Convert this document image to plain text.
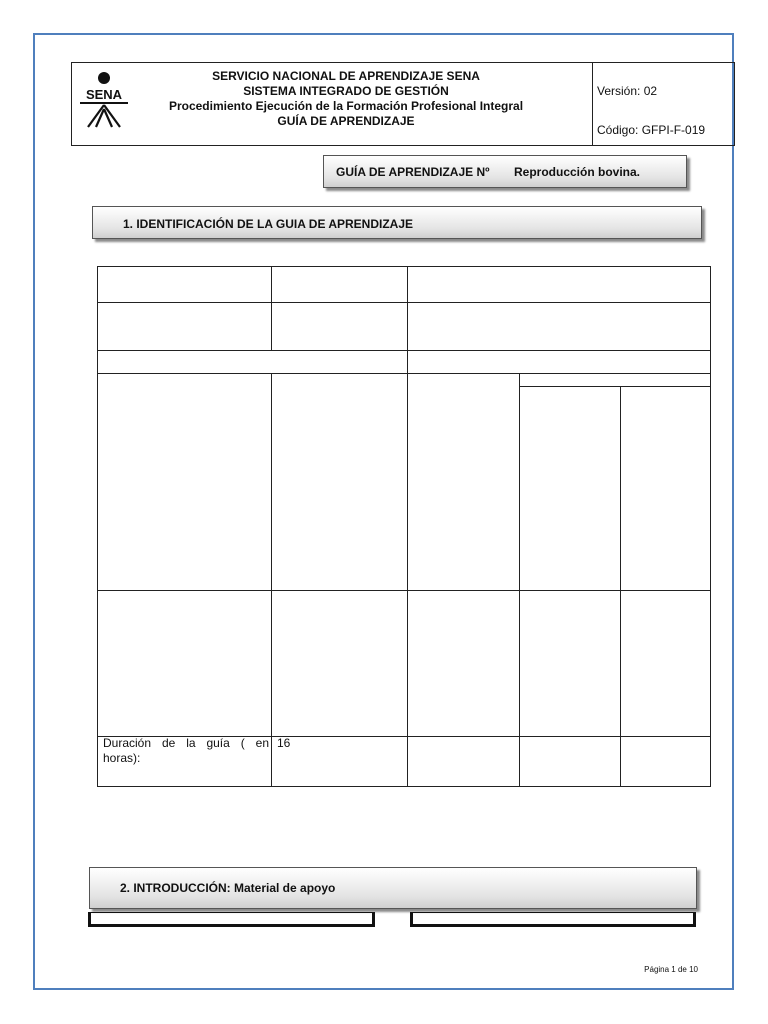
SENA
SERVICIO NACIONAL DE APRENDIZAJE SENA
SISTEMA INTEGRADO DE GESTIÓN
Procedimiento Ejecución de la Formación Profesional Integral
GUÍA DE APRENDIZAJE
Versión: 02
Código: GFPI-F-019
GUÍA DE APRENDIZAJE Nº Reproducción bovina.
1. IDENTIFICACIÓN DE LA GUIA DE APRENDIZAJE
Duración de la guía ( en horas):
16
2. INTRODUCCIÓN: Material de apoyo
Página 1 de 10
